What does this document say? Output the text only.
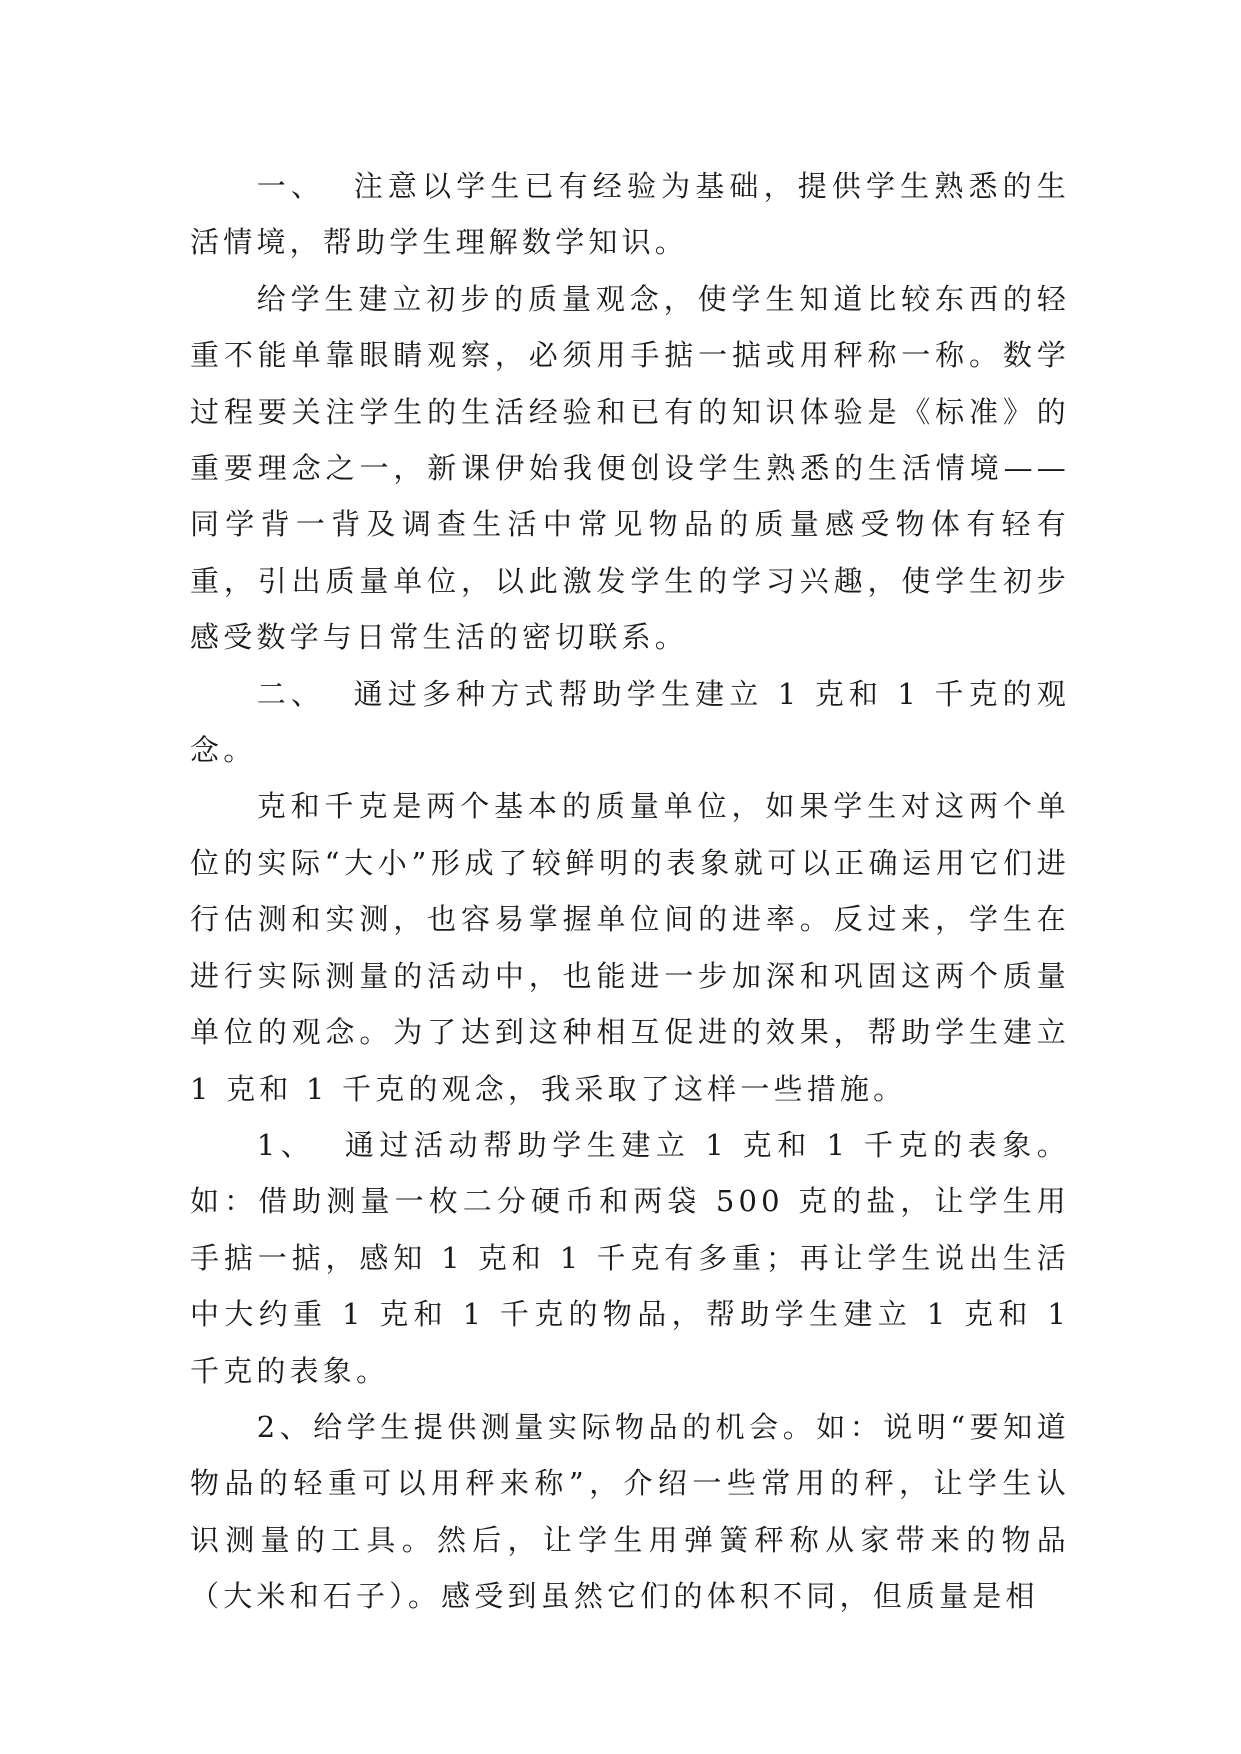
一、  注意以学生已有经验为基础，提供学生熟悉的生活情境，帮助学生理解数学知识。

给学生建立初步的质量观念，使学生知道比较东西的轻重不能单靠眼睛观察，必须用手掂一掂或用秤称一称。数学过程要关注学生的生活经验和已有的知识体验是《标准》的重要理念之一，新课伊始我便创设学生熟悉的生活情境——同学背一背及调查生活中常见物品的质量感受物体有轻有重，引出质量单位，以此激发学生的学习兴趣，使学生初步感受数学与日常生活的密切联系。

二、  通过多种方式帮助学生建立 1 克和 1 千克的观念。

克和千克是两个基本的质量单位，如果学生对这两个单位的实际“大小”形成了较鲜明的表象就可以正确运用它们进行估测和实测，也容易掌握单位间的进率。反过来，学生在进行实际测量的活动中，也能进一步加深和巩固这两个质量单位的观念。为了达到这种相互促进的效果，帮助学生建立 1 克和 1 千克的观念，我采取了这样一些措施。

1、  通过活动帮助学生建立 1 克和 1 千克的表象。如：借助测量一枚二分硬币和两袋 500 克的盐，让学生用手掂一掂，感知 1 克和 1 千克有多重；再让学生说出生活中大约重 1 克和 1 千克的物品，帮助学生建立 1 克和 1 千克的表象。

2、给学生提供测量实际物品的机会。如：说明“要知道物品的轻重可以用秤来称”，介绍一些常用的秤，让学生认识测量的工具。然后，让学生用弹簧秤称从家带来的物品（大米和石子）。感受到虽然它们的体积不同，但质量是相
